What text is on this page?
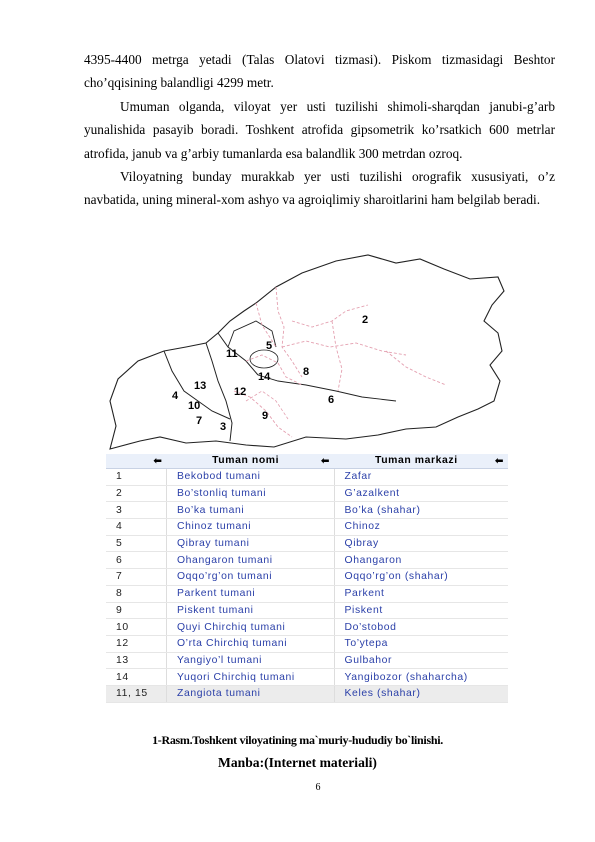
4395-4400 metrga yetadi (Talas Olatovi tizmasi). Piskom tizmasidagi Beshtor cho’qqisining balandligi 4299 metr.

Umuman olganda, viloyat yer usti tuzilishi shimoli-sharqdan janubi-g’arb yunalishida pasayib boradi. Toshkent atrofida gipsometrik ko’rsatkich 600 metrlar atrofida, janub va g’arbiy tumanlarda esa balandlik 300 metrdan ozroq.

Viloyatning bunday murakkab yer usti tuzilishi orografik xususiyati, o’z navbatida, uning mineral-xom ashyo va agroiqlimiy sharoitlarini ham belgilab beradi.

2
5
11
14	8
13	12
4
10	6
9
7 3
⬅	Tuman nomi ⬅	Tuman markazi ⬅

1	Bekobod tumani	Zafar
2	Bo’stonliq tumani	G’azalkent
3	Bo’ka tumani	Bo’ka (shahar)
4	Chinoz tumani	Chinoz
5	Qibray tumani	Qibray
6	Ohangaron tumani	Ohangaron
7	Oqqo’rg’on tumani	Oqqo’rg’on (shahar)
8	Parkent tumani	Parkent
9	Piskent tumani	Piskent
10	Quyi Chirchiq tumani	Do’stobod
12	O’rta Chirchiq tumani	To’ytepa
13	Yangiyo’l tumani	Gulbahor
14	Yuqori Chirchiq tumani	Yangibozor (shaharcha)
11, 15	Zangiota tumani	Keles (shahar)
1-Rasm.Toshkent viloyatining ma`muriy-hududiy bo`linishi.
Manba:(Internet materiali)
6
